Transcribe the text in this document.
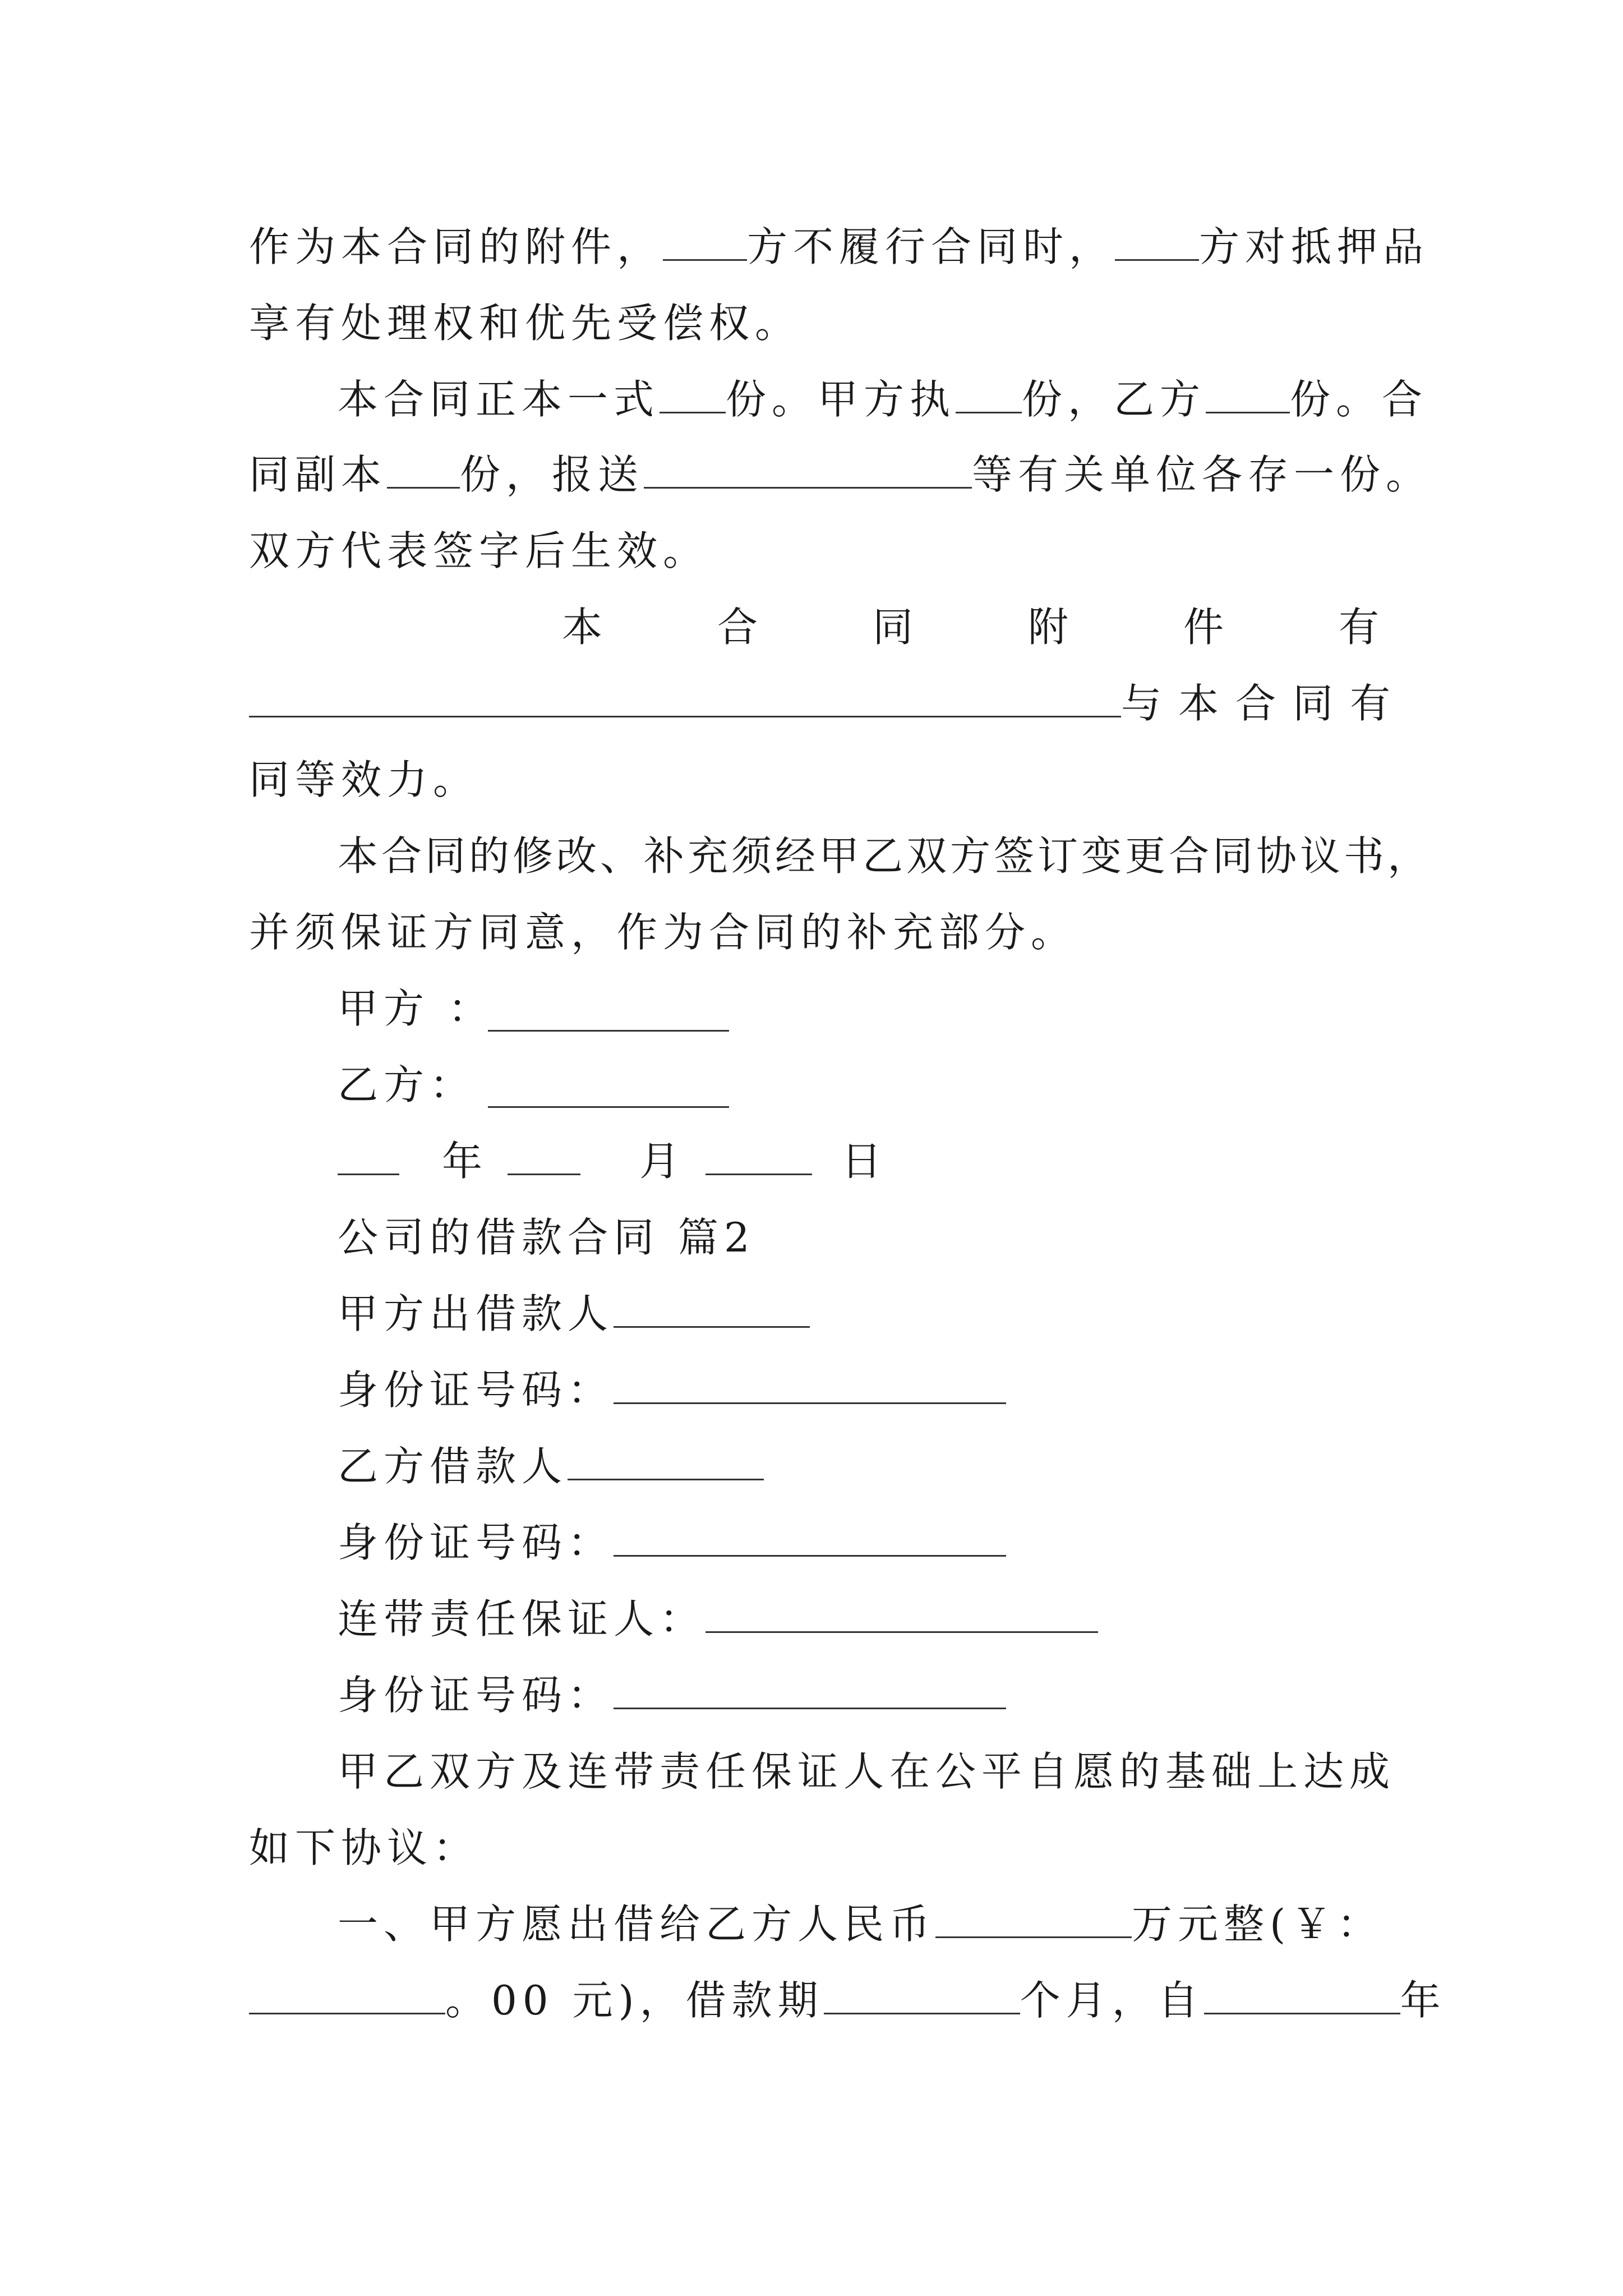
作为本合同的附件， 方不履行合同时， 方对抵押品
享有处理权和优先受偿权。
本合同正本一式 份。甲方执 份，乙方 份。合
同副本 份，报送	等有关单位各存一份。
双方代表签字后生效。
本合同附件有
与本合同有
同等效力。
本合同的修改、补充须经甲乙双方签订变更合同协议书，
并须保证方同意，作为合同的补充部分。
甲方 ：
乙方：
年	月	日
公司的借款合同 篇2
甲方出借款人
身份证号码：
乙方借款人
身份证号码：
连带责任保证人：
身份证号码：
甲乙双方及连带责任保证人在公平自愿的基础上达成
如下协议：
一、甲方愿出借给乙方人民币	万元整(￥：
。00 元)，借款期	个月，自	年
